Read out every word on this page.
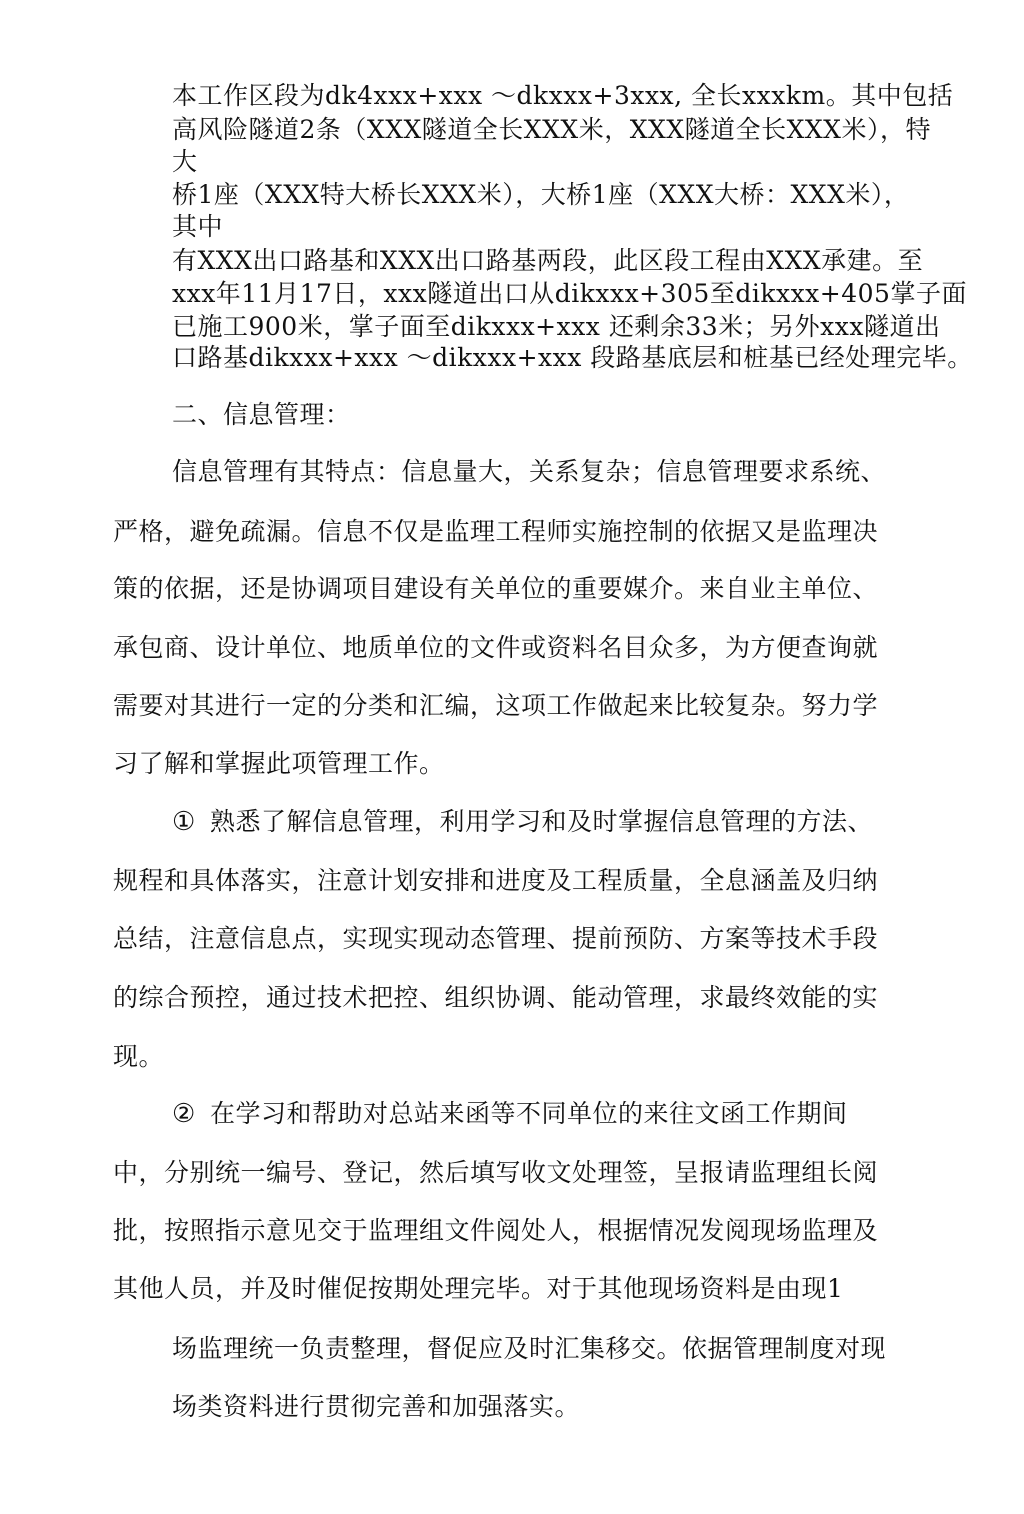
本工作区段为dk4xxx+xxx ～dkxxx+3xxx, 全长xxxkm。其中包括
高风险隧道2条（XXX隧道全长XXX米，XXX隧道全长XXX米），特
大
桥1座（XXX特大桥长XXX米），大桥1座（XXX大桥：XXX米），
其中
有XXX出口路基和XXX出口路基两段，此区段工程由XXX承建。至
xxx年11月17日，xxx隧道出口从dikxxx+305至dikxxx+405掌子面
已施工900米，掌子面至dikxxx+xxx 还剩余33米；另外xxx隧道出
口路基dikxxx+xxx ～dikxxx+xxx 段路基底层和桩基已经处理完毕。
二、信息管理：
信息管理有其特点：信息量大，关系复杂；信息管理要求系统、
严格，避免疏漏。信息不仅是监理工程师实施控制的依据又是监理决
策的依据，还是协调项目建设有关单位的重要媒介。来自业主单位、
承包商、设计单位、地质单位的文件或资料名目众多，为方便查询就
需要对其进行一定的分类和汇编，这项工作做起来比较复杂。努力学
习了解和掌握此项管理工作。
① 熟悉了解信息管理，利用学习和及时掌握信息管理的方法、
规程和具体落实，注意计划安排和进度及工程质量，全息涵盖及归纳
总结，注意信息点，实现实现动态管理、提前预防、方案等技术手段
的综合预控，通过技术把控、组织协调、能动管理，求最终效能的实
现。
② 在学习和帮助对总站来函等不同单位的来往文函工作期间
中，分别统一编号、登记，然后填写收文处理签，呈报请监理组长阅
批，按照指示意见交于监理组文件阅处人，根据情况发阅现场监理及
其他人员，并及时催促按期处理完毕。对于其他现场资料是由现1
场监理统一负责整理，督促应及时汇集移交。依据管理制度对现
场类资料进行贯彻完善和加强落实。
